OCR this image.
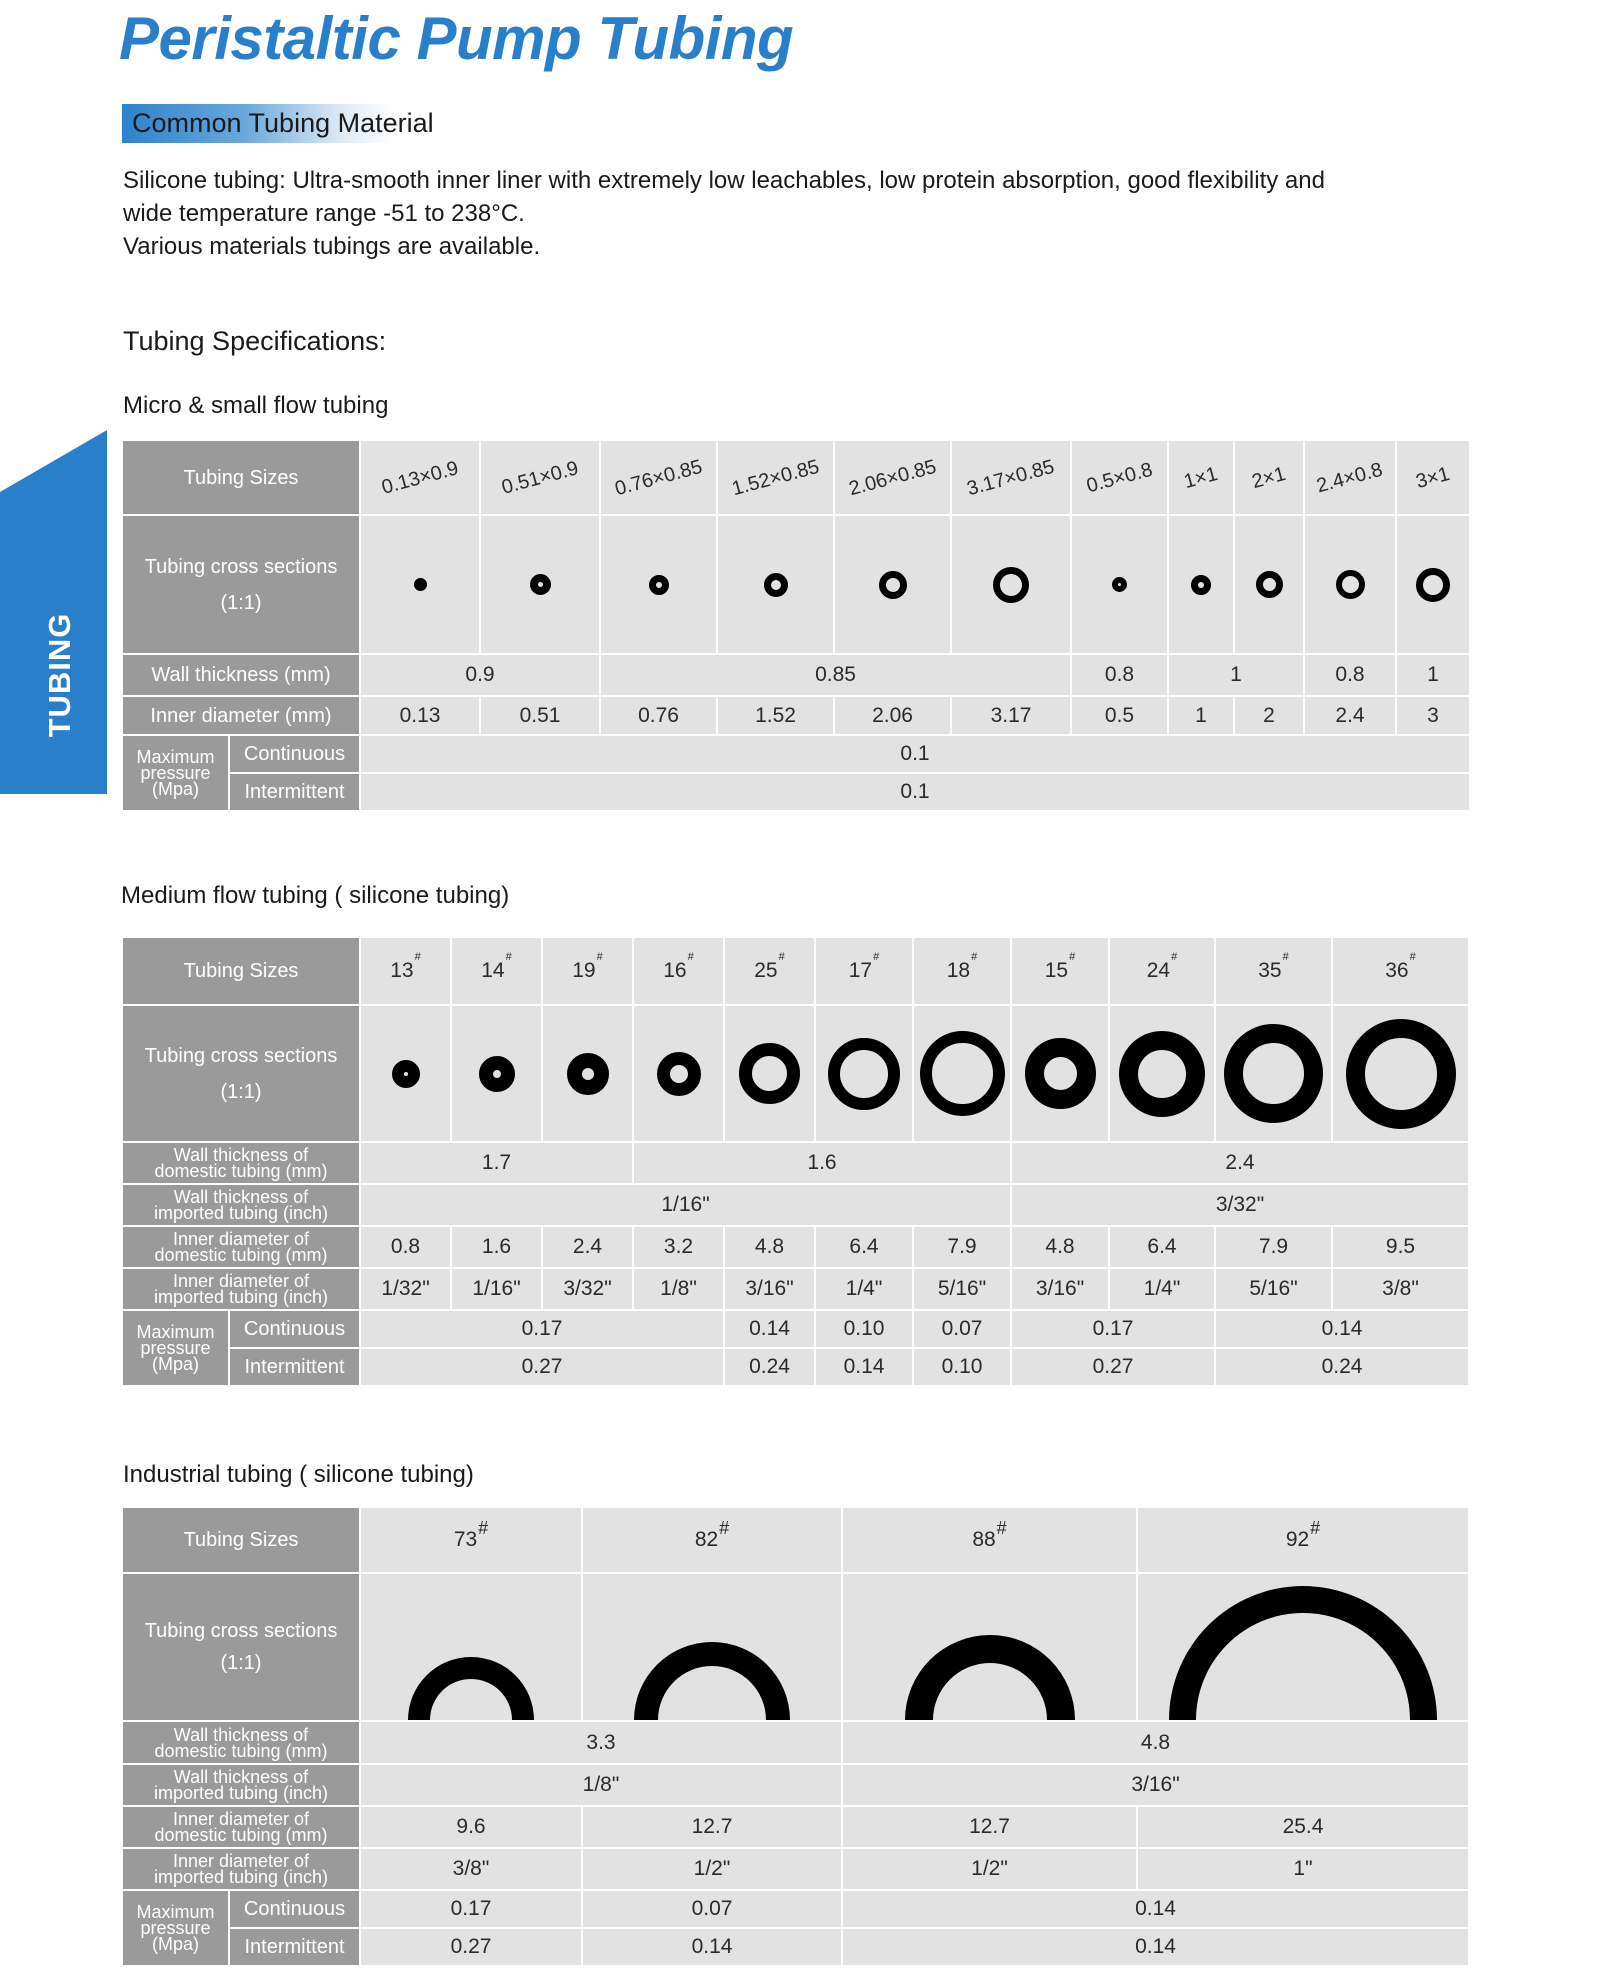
Peristaltic Pump Tubing
Common Tubing Material

Silicone tubing: Ultra-smooth inner liner with extremely low leachables, low protein absorption, good flexibility and

wide temperature range -51 to 238°C.

Various materials tubings are available.

Tubing Specifications:
TUBING
Micro & small flow tubing
Tubing Sizes		0.13×0.9	0.51×0.9	0.76×0.85	1.52×0.85	2.06×0.85	3.17×0.85	0.5×0.8	1×1	2×1	2.4×0.8	3×1
Tubing cross sections
(1:1)												
Wall thickness (mm)		0.9		0.85				0.8	1		0.8	1
Inner diameter (mm)		0.13	0.51	0.76	1.52	2.06	3.17	0.5	1	2	2.4	3
Maximum
pressure
(Mpa)	Continuous	0.1										
	Intermittent	0.1										
Medium flow tubing ( silicone tubing)
Tubing Sizes		13#	14#	19#	16#	25#	17#	18#	15#	24#	35#	36#
Tubing cross sections
(1:1)												
Wall thickness of
domestic tubing (mm)		1.7			1.6				2.4			
Wall thickness of
imported tubing (inch)		1/16"							3/32"			
Inner diameter of
domestic tubing (mm)		0.8	1.6	2.4	3.2	4.8	6.4	7.9	4.8	6.4	7.9	9.5
Inner diameter of
imported tubing (inch)		1/32"	1/16"	3/32"	1/8"	3/16"	1/4"	5/16"	3/16"	1/4"	5/16"	3/8"
Maximum
pressure
(Mpa)	Continuous	0.17				0.14	0.10	0.07	0.17		0.14	
	Intermittent	0.27				0.24	0.14	0.10	0.27		0.24	
Industrial tubing ( silicone tubing)
Tubing Sizes		73#	82#	88#	92#
Tubing cross sections
(1:1)	

Wall thickness of
domestic tubing (mm)		3.3		4.8	
Wall thickness of
imported tubing (inch)		1/8"		3/16"	
Inner diameter of
domestic tubing (mm)		9.6	12.7	12.7	25.4
Inner diameter of
imported tubing (inch)		3/8"	1/2"	1/2"	1"
Maximum
pressure
(Mpa)	Continuous	0.17	0.07	0.14	
	Intermittent	0.27	0.14	0.14	
